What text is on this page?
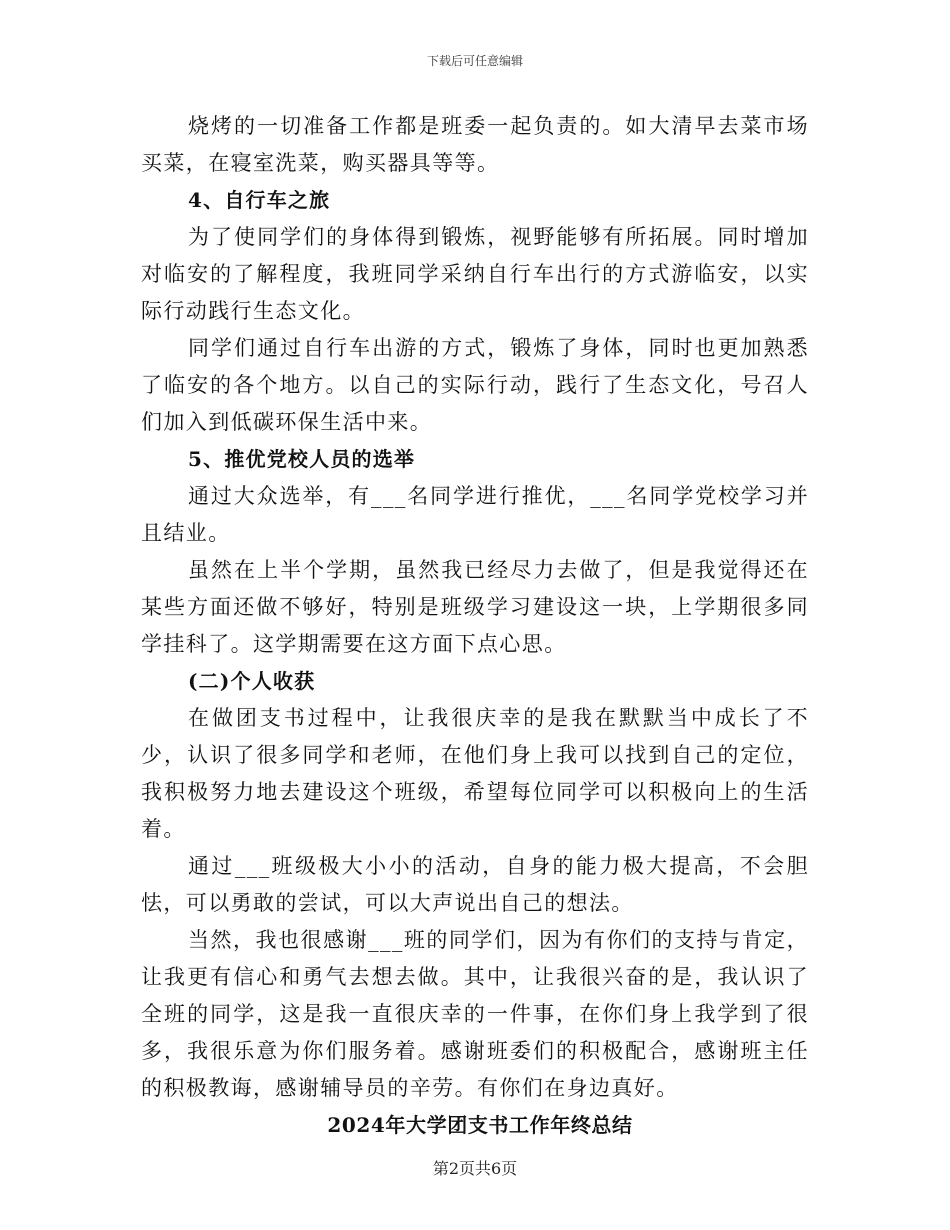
下载后可任意编辑

烧烤的一切准备工作都是班委一起负责的。如大清早去菜市场买菜，在寝室洗菜，购买器具等等。

4、自行车之旅

为了使同学们的身体得到锻炼，视野能够有所拓展。同时增加对临安的了解程度，我班同学采纳自行车出行的方式游临安，以实际行动践行生态文化。

同学们通过自行车出游的方式，锻炼了身体，同时也更加熟悉了临安的各个地方。以自己的实际行动，践行了生态文化，号召人们加入到低碳环保生活中来。

5、推优党校人员的选举

通过大众选举，有___名同学进行推优，___名同学党校学习并且结业。

虽然在上半个学期，虽然我已经尽力去做了，但是我觉得还在某些方面还做不够好，特别是班级学习建设这一块，上学期很多同学挂科了。这学期需要在这方面下点心思。

(二)个人收获

在做团支书过程中，让我很庆幸的是我在默默当中成长了不少，认识了很多同学和老师，在他们身上我可以找到自己的定位，我积极努力地去建设这个班级，希望每位同学可以积极向上的生活着。

通过___班级极大小小的活动，自身的能力极大提高，不会胆怯，可以勇敢的尝试，可以大声说出自己的想法。

当然，我也很感谢___班的同学们，因为有你们的支持与肯定，让我更有信心和勇气去想去做。其中，让我很兴奋的是，我认识了全班的同学，这是我一直很庆幸的一件事，在你们身上我学到了很多，我很乐意为你们服务着。感谢班委们的积极配合，感谢班主任的积极教诲，感谢辅导员的辛劳。有你们在身边真好。

2024年大学团支书工作年终总结

第2页共6页
